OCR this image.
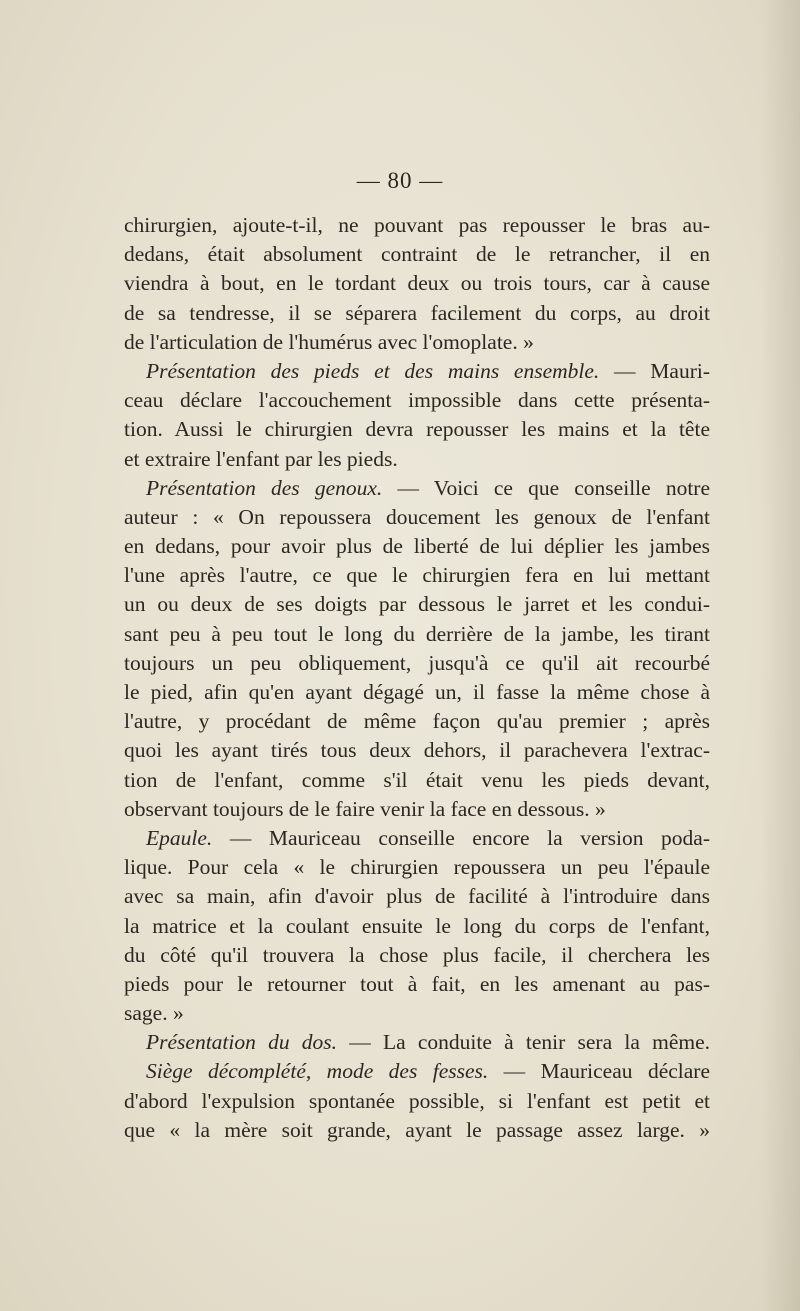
— 80 —
chirurgien, ajoute-t-il, ne pouvant pas repousser le bras au-
dedans, était absolument contraint de le retrancher, il en
viendra à bout, en le tordant deux ou trois tours, car à cause
de sa tendresse, il se séparera facilement du corps, au droit
de l'articulation de l'humérus avec l'omoplate. »
Présentation des pieds et des mains ensemble. — Mauri-
ceau déclare l'accouchement impossible dans cette présenta-
tion. Aussi le chirurgien devra repousser les mains et la tête
et extraire l'enfant par les pieds.
Présentation des genoux. — Voici ce que conseille notre
auteur : « On repoussera doucement les genoux de l'enfant
en dedans, pour avoir plus de liberté de lui déplier les jambes
l'une après l'autre, ce que le chirurgien fera en lui mettant
un ou deux de ses doigts par dessous le jarret et les condui-
sant peu à peu tout le long du derrière de la jambe, les tirant
toujours un peu obliquement, jusqu'à ce qu'il ait recourbé
le pied, afin qu'en ayant dégagé un, il fasse la même chose à
l'autre, y procédant de même façon qu'au premier ; après
quoi les ayant tirés tous deux dehors, il parachevera l'extrac-
tion de l'enfant, comme s'il était venu les pieds devant,
observant toujours de le faire venir la face en dessous. »
Epaule. — Mauriceau conseille encore la version poda-
lique. Pour cela « le chirurgien repoussera un peu l'épaule
avec sa main, afin d'avoir plus de facilité à l'introduire dans
la matrice et la coulant ensuite le long du corps de l'enfant,
du côté qu'il trouvera la chose plus facile, il cherchera les
pieds pour le retourner tout à fait, en les amenant au pas-
sage. »
Présentation du dos. — La conduite à tenir sera la même.
Siège décomplété, mode des fesses. — Mauriceau déclare
d'abord l'expulsion spontanée possible, si l'enfant est petit et
que « la mère soit grande, ayant le passage assez large. »
